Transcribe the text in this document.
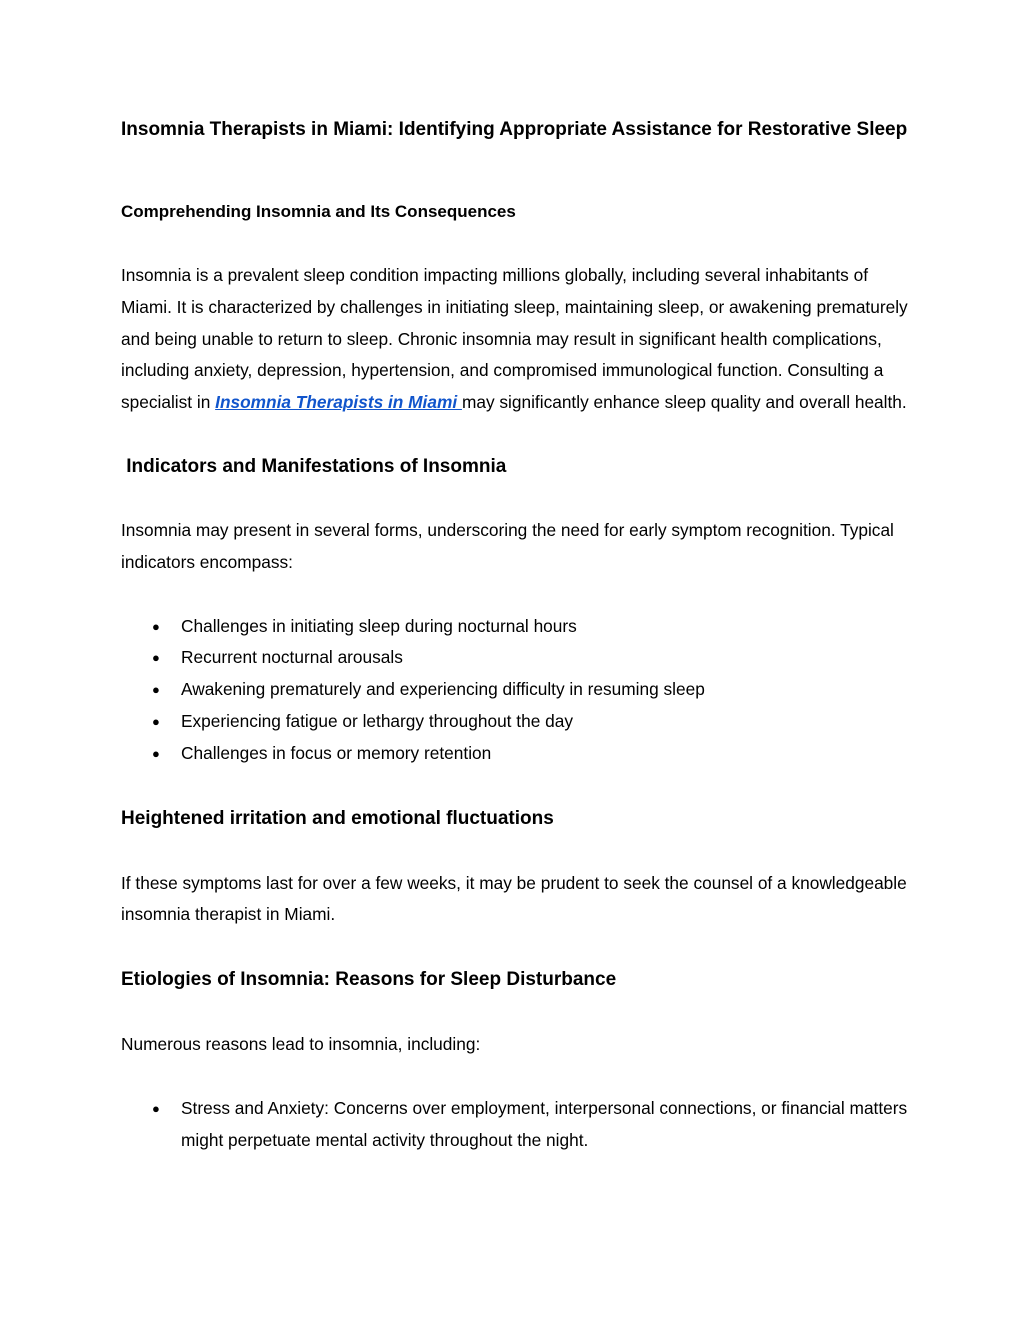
Insomnia Therapists in Miami: Identifying Appropriate Assistance for Restorative Sleep
Comprehending Insomnia and Its Consequences

Insomnia is a prevalent sleep condition impacting millions globally, including several inhabitants of Miami. It is characterized by challenges in initiating sleep, maintaining sleep, or awakening prematurely and being unable to return to sleep. Chronic insomnia may result in significant health complications, including anxiety, depression, hypertension, and compromised immunological function. Consulting a specialist in Insomnia Therapists in Miami may significantly enhance sleep quality and overall health.

Indicators and Manifestations of Insomnia

Insomnia may present in several forms, underscoring the need for early symptom recognition. Typical indicators encompass:

● Challenges in initiating sleep during nocturnal hours
● Recurrent nocturnal arousals
● Awakening prematurely and experiencing difficulty in resuming sleep
● Experiencing fatigue or lethargy throughout the day
● Challenges in focus or memory retention
Heightened irritation and emotional fluctuations

If these symptoms last for over a few weeks, it may be prudent to seek the counsel of a knowledgeable insomnia therapist in Miami.

Etiologies of Insomnia: Reasons for Sleep Disturbance

Numerous reasons lead to insomnia, including:

● Stress and Anxiety: Concerns over employment, interpersonal connections, or financial matters might perpetuate mental activity throughout the night.
